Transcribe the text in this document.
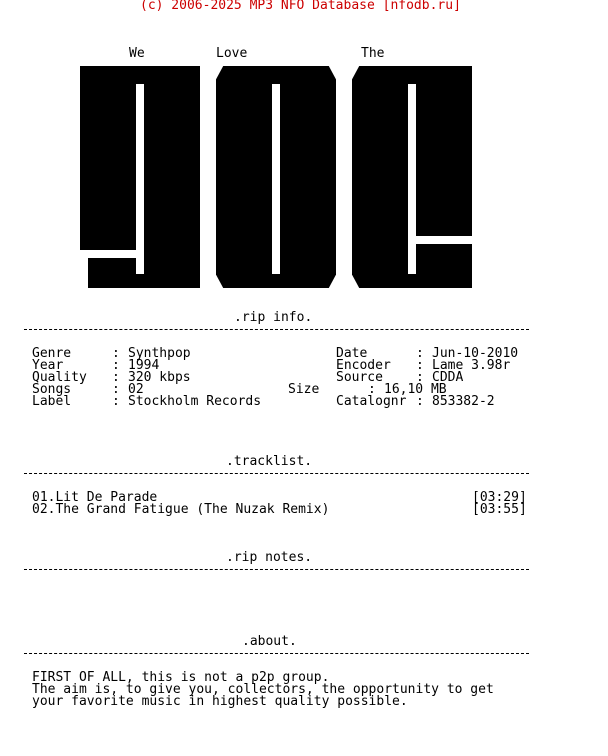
(c) 2006-2025 MP3 NFO Database [nfodb.ru]
We	Love	The
.rip info.
Genre	: Synthpop
Year	: 1994
Quality : 320 kbps
Songs	: 02
Label	: Stockholm Records
Date	: Jun-10-2010
Encoder : Lame 3.98r
Source	: CDDA
Size	: 16,10 MB
Catalognr : 853382-2
.tracklist.
01.Lit De Parade	[03:29]
02.The Grand Fatigue (The Nuzak Remix)	[03:55]
.rip notes.
.about.
FIRST OF ALL, this is not a p2p group.
The aim is, to give you, collectors, the opportunity to get
your favorite music in highest quality possible.
